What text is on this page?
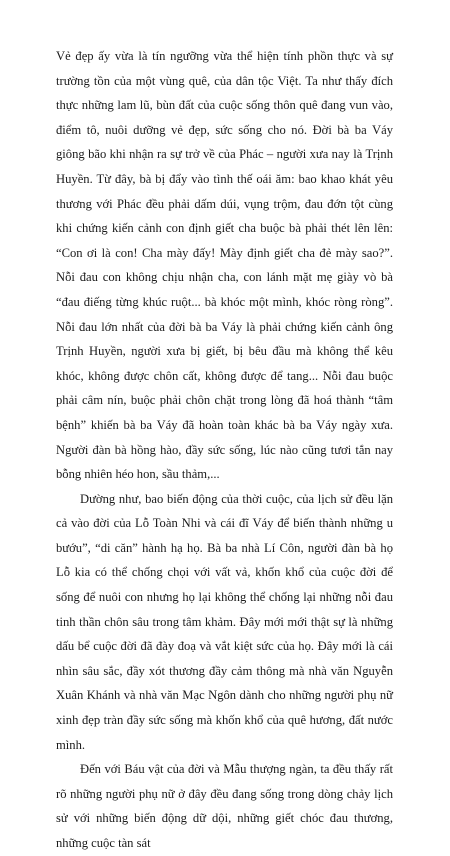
Vẻ đẹp ấy vừa là tín ngưỡng vừa thể hiện tính phồn thực và sự trường tồn của một vùng quê, của dân tộc Việt. Ta như thấy đích thực những lam lũ, bùn đất của cuộc sống thôn quê đang vun vào, điểm tô, nuôi dưỡng vẻ đẹp, sức sống cho nó. Đời bà ba Váy giông bão khi nhận ra sự trở về của Phác – người xưa nay là Trịnh Huyền. Từ đây, bà bị đẩy vào tình thế oái ăm: bao khao khát yêu thương với Phác đều phải dấm dúi, vụng trộm, đau đớn tột cùng khi chứng kiến cảnh con định giết cha buộc bà phải thét lên lên: “Con ơi là con! Cha mày đấy! Mày định giết cha đẻ mày sao?”. Nỗi đau con không chịu nhận cha, con lánh mặt mẹ giày vò bà “đau điếng từng khúc ruột... bà khóc một mình, khóc ròng ròng”. Nỗi đau lớn nhất của đời bà ba Váy là phải chứng kiến cảnh ông Trịnh Huyền, người xưa bị giết, bị bêu đầu mà không thể kêu khóc, không được chôn cất, không được để tang... Nỗi đau buộc phải câm nín, buộc phải chôn chặt trong lòng đã hoá thành “tâm bệnh” khiến bà ba Váy đã hoàn toàn khác bà ba Váy ngày xưa. Người đàn bà hồng hào, đầy sức sống, lúc nào cũng tươi tắn nay bỗng nhiên héo hon, sầu thảm,...

Dường như, bao biến động của thời cuộc, của lịch sử đều lặn cả vào đời của Lỗ Toàn Nhi và cái đĩ Váy để biến thành những u bướu”, “di căn” hành hạ họ. Bà ba nhà Lí Côn, người đàn bà họ Lỗ kia có thể chống chọi với vất vả, khốn khổ của cuộc đời để sống để nuôi con nhưng họ lại không thể chống lại những nỗi đau tinh thần chôn sâu trong tâm khảm. Đây mới mới thật sự là những dấu bể cuộc đời đã đày đoạ và vắt kiệt sức của họ. Đây mới là cái nhìn sâu sắc, đầy xót thương đầy cảm thông mà nhà văn Nguyễn Xuân Khánh và nhà văn Mạc Ngôn dành cho những người phụ nữ xinh đẹp tràn đầy sức sống mà khốn khổ của quê hương, đất nước mình.

Đến với Báu vật của đời và Mẫu thượng ngàn, ta đều thấy rất rõ những người phụ nữ ở đây đều đang sống trong dòng chảy lịch sử với những biến động dữ dội, những giết chóc đau thương, những cuộc tàn sát
